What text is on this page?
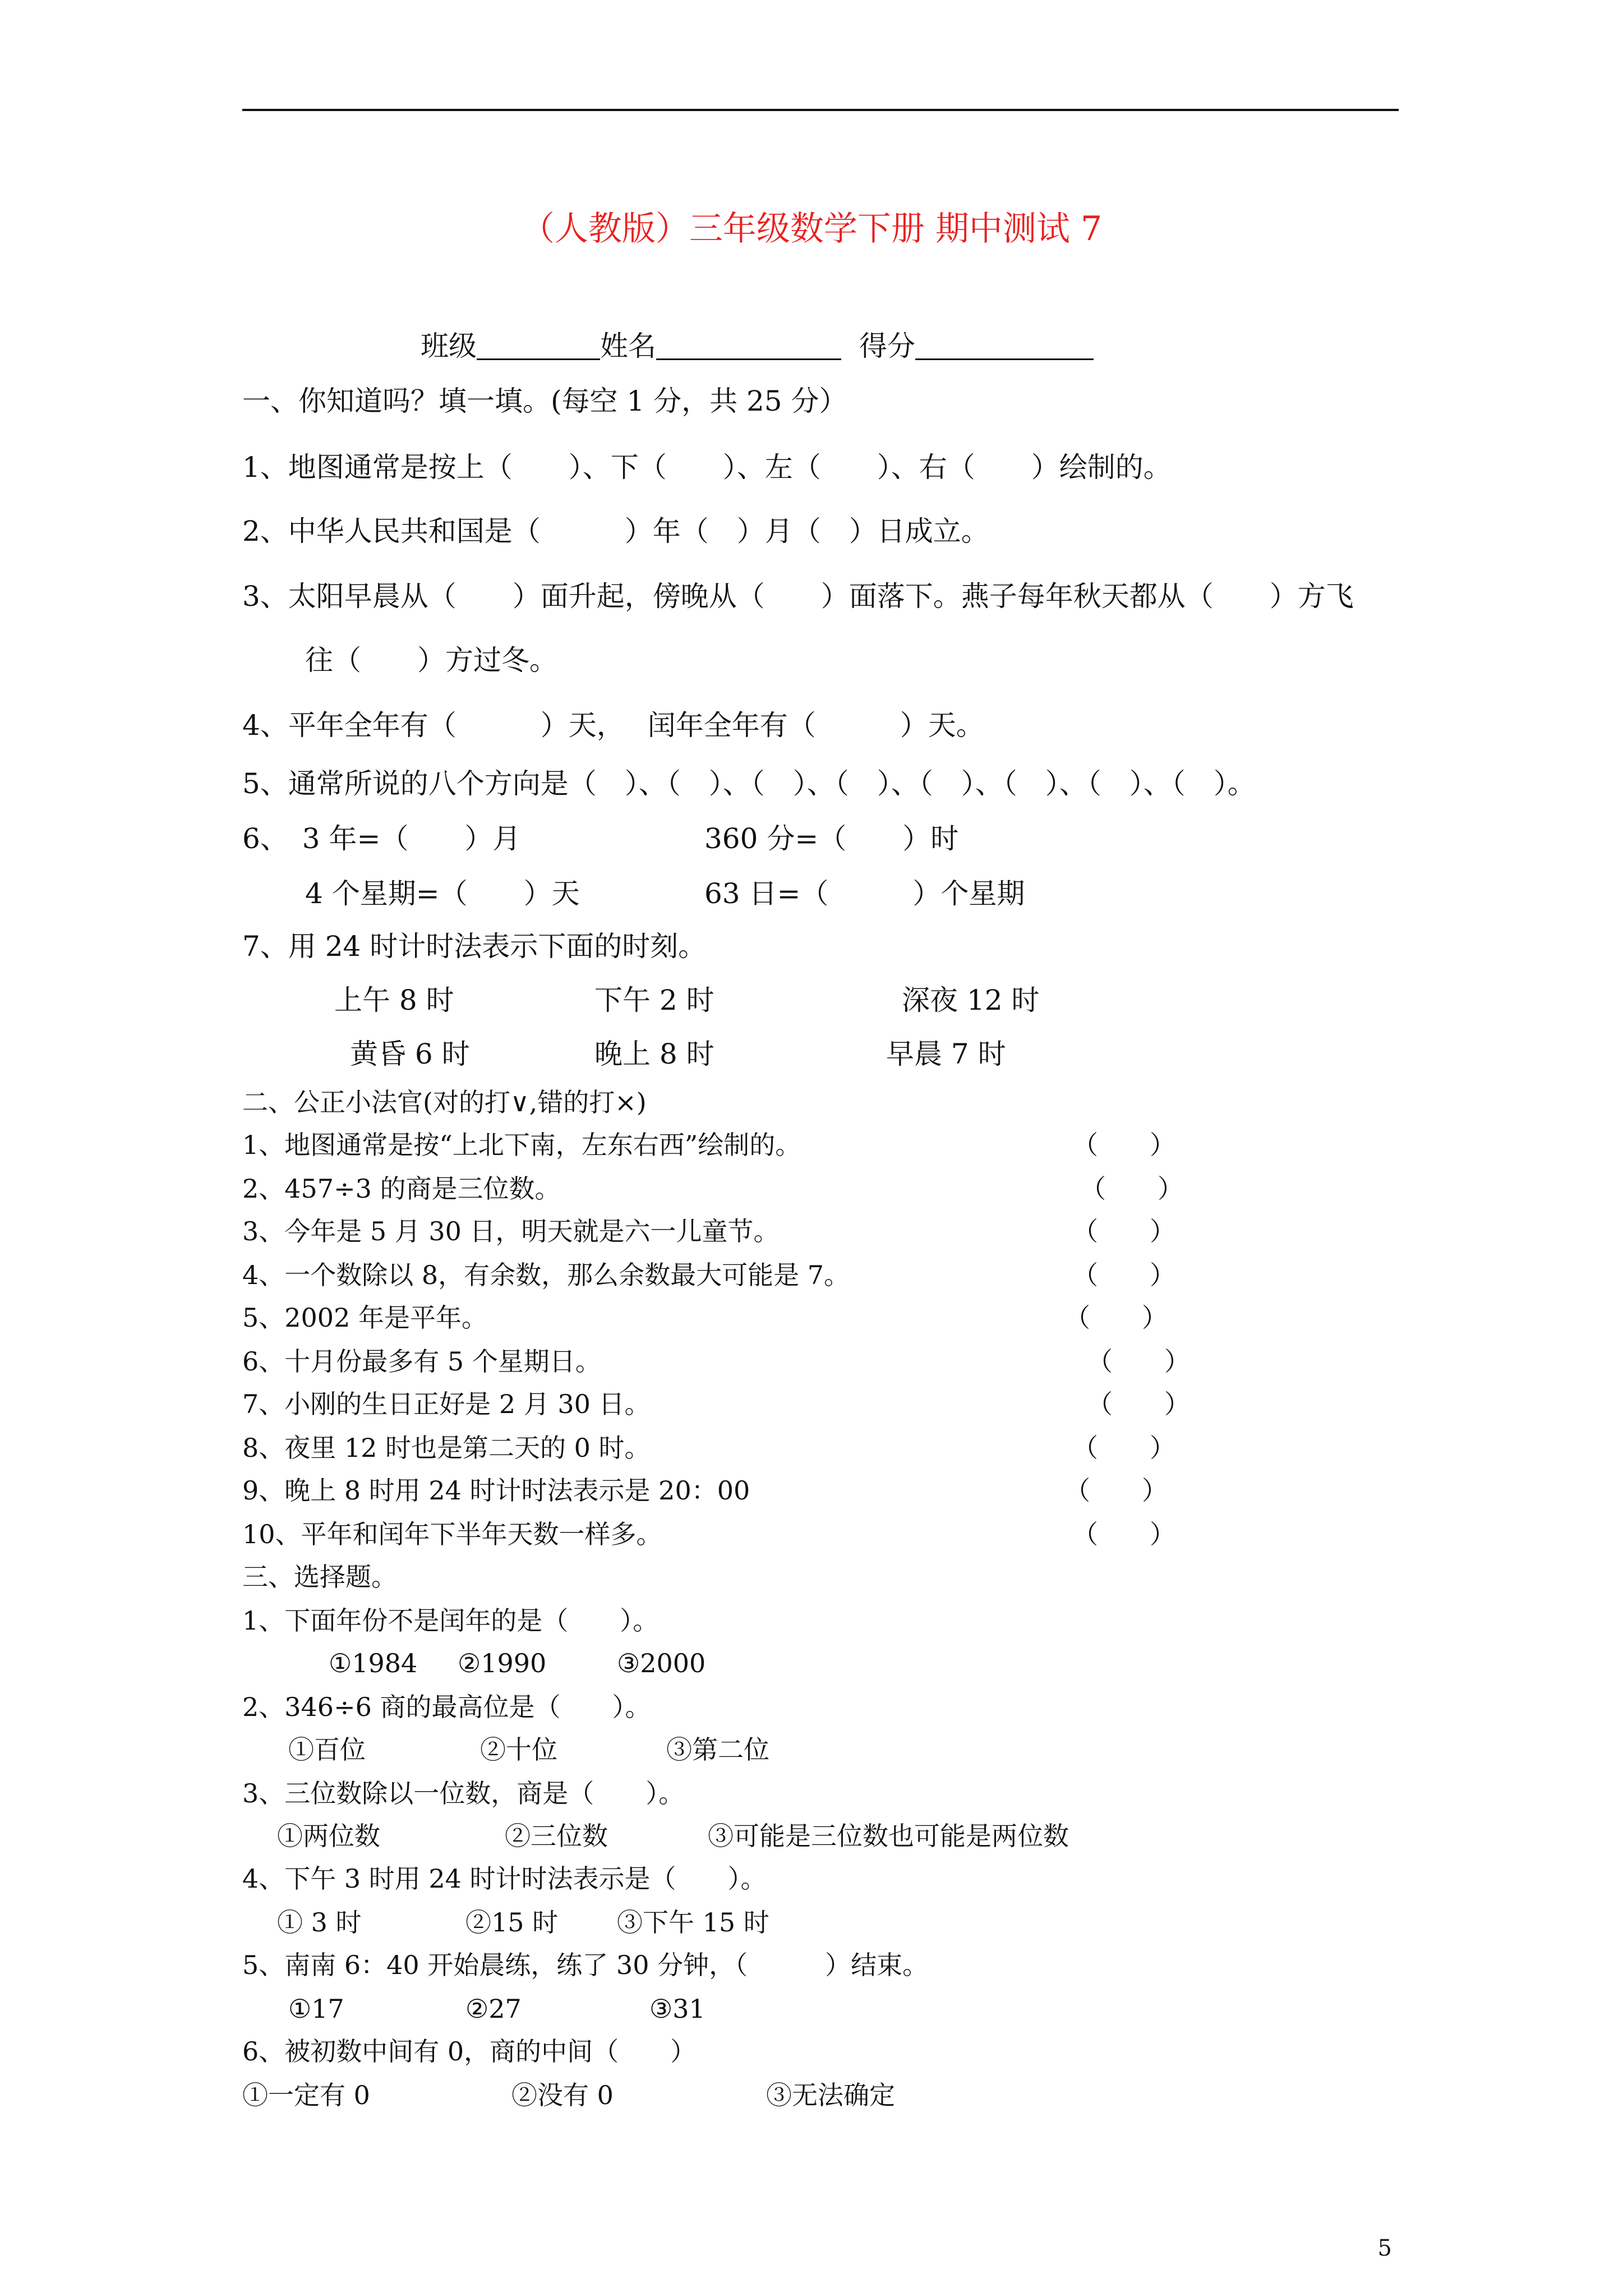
（人教版）三年级数学下册 期中测试 7
班级	姓名	得分
一、你知道吗？填一填。(每空 1 分，共 25 分）
1、地图通常是按上（　　）、下（　　）、左（　　）、右（　　）绘制的。
2、中华人民共和国是（　　　）年（　）月（　）日成立。
3、太阳早晨从（　　）面升起，傍晚从（　　）面落下。燕子每年秋天都从（　　）方飞
往（　　）方过冬。
4、平年全年有（　　　）天，　 闰年全年有（　　　）天。
5、通常所说的八个方向是（　）、（　）、（　）、（　）、（　）、（　）、（　）、（　）。
6、　3 年=（　　）月	360 分=（　　）时
4 个星期=（　　）天	63 日=（　　　）个星期
7、用 24 时计时法表示下面的时刻。
上午 8 时	下午 2 时	深夜 12 时
黄昏 6 时	晚上 8 时	早晨 7 时
二、公正小法官(对的打∨,错的打×)
1、地图通常是按“上北下南，左东右西”绘制的。	（　　）
2、457÷3 的商是三位数。	（　　）
3、今年是 5 月 30 日，明天就是六一儿童节。	（　　）
4、一个数除以 8，有余数，那么余数最大可能是 7。	（　　）
5、2002 年是平年。	（　　）
6、十月份最多有 5 个星期日。	（　　）
7、小刚的生日正好是 2 月 30 日。	（　　）
8、夜里 12 时也是第二天的 0 时。	（　　）
9、晚上 8 时用 24 时计时法表示是 20：00	（　　）
10、平年和闰年下半年天数一样多。	（　　）
三、选择题。
1、下面年份不是闰年的是（　　）。
①1984 ②1990	③2000
2、346÷6 商的最高位是（　　）。
①百位	②十位	③第二位
3、三位数除以一位数，商是（　　）。
①两位数	②三位数	③可能是三位数也可能是两位数
4、下午 3 时用 24 时计时法表示是（　　）。
① 3 时	②15 时 ③下午 15 时
5、南南 6：40 开始晨练，练了 30 分钟，（　　　）结束。
①17	②27	③31
6、被初数中间有 0，商的中间（　　）
①一定有 0	②没有 0	③无法确定
5
